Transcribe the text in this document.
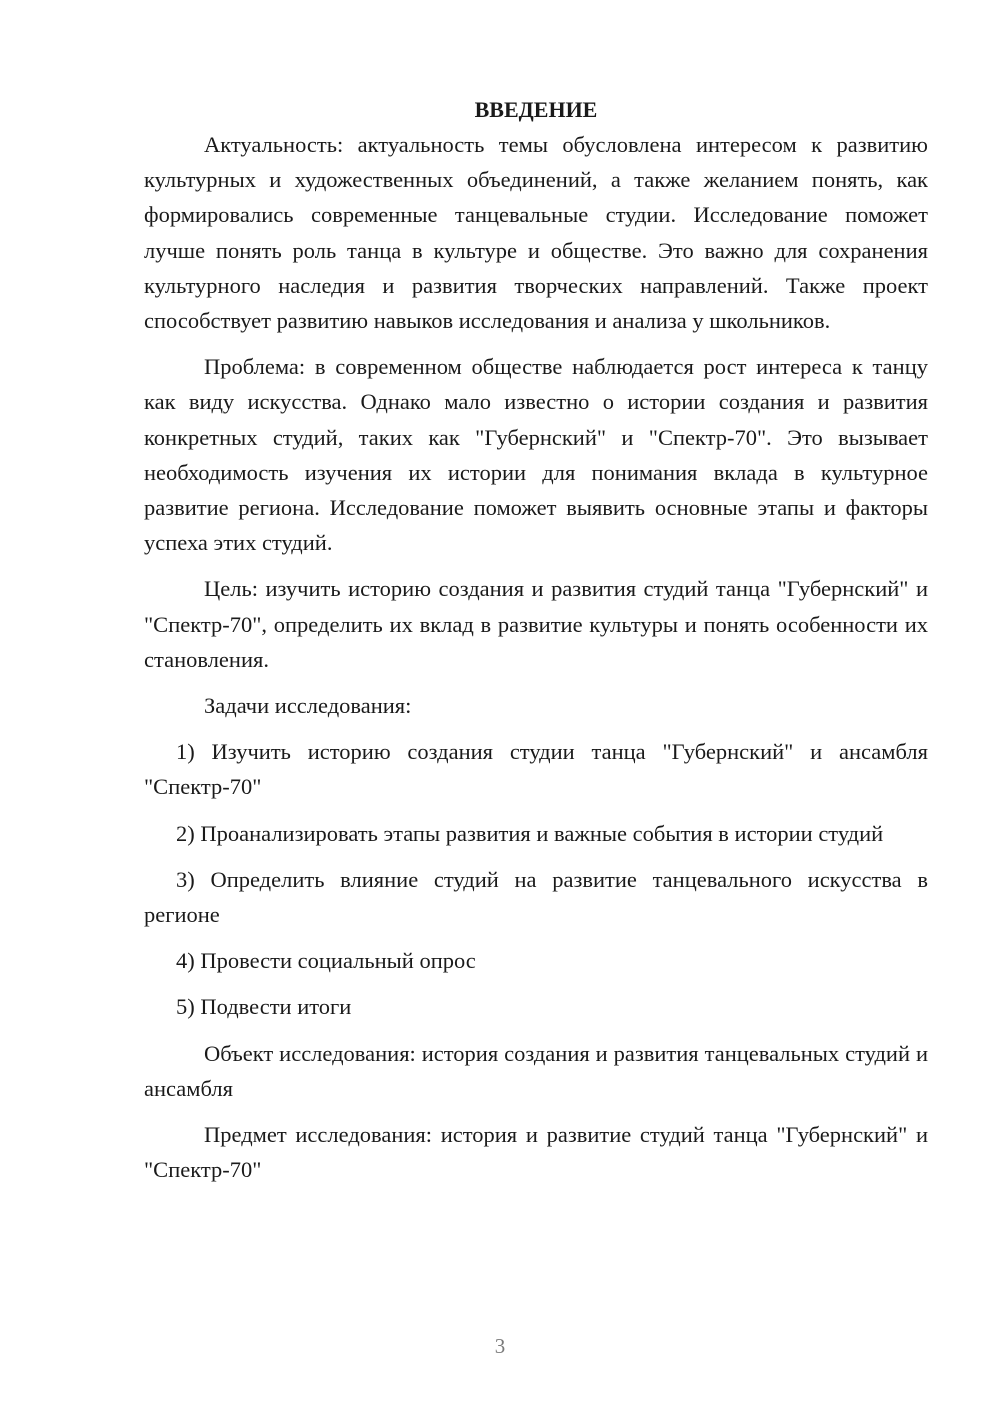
ВВЕДЕНИЕ

Актуальность: актуальность темы обусловлена интересом к развитию культурных и художественных объединений, а также желанием понять, как формировались современные танцевальные студии. Исследование поможет лучше понять роль танца в культуре и обществе. Это важно для сохранения культурного наследия и развития творческих направлений. Также проект способствует развитию навыков исследования и анализа у школьников.

Проблема: в современном обществе наблюдается рост интереса к танцу как виду искусства. Однако мало известно о истории создания и развития конкретных студий, таких как "Губернский" и "Спектр-70". Это вызывает необходимость изучения их истории для понимания вклада в культурное развитие региона. Исследование поможет выявить основные этапы и факторы успеха этих студий.

Цель: изучить историю создания и развития студий танца "Губернский" и "Спектр-70", определить их вклад в развитие культуры и понять особенности их становления.

Задачи исследования:

1) Изучить историю создания студии танца "Губернский" и ансамбля "Спектр-70"

2) Проанализировать этапы развития и важные события в истории студий

3) Определить влияние студий на развитие танцевального искусства в регионе

4) Провести социальный опрос

5) Подвести итоги

Объект исследования: история создания и развития танцевальных студий и ансамбля

Предмет исследования: история и развитие студий танца "Губернский" и "Спектр-70"

3
